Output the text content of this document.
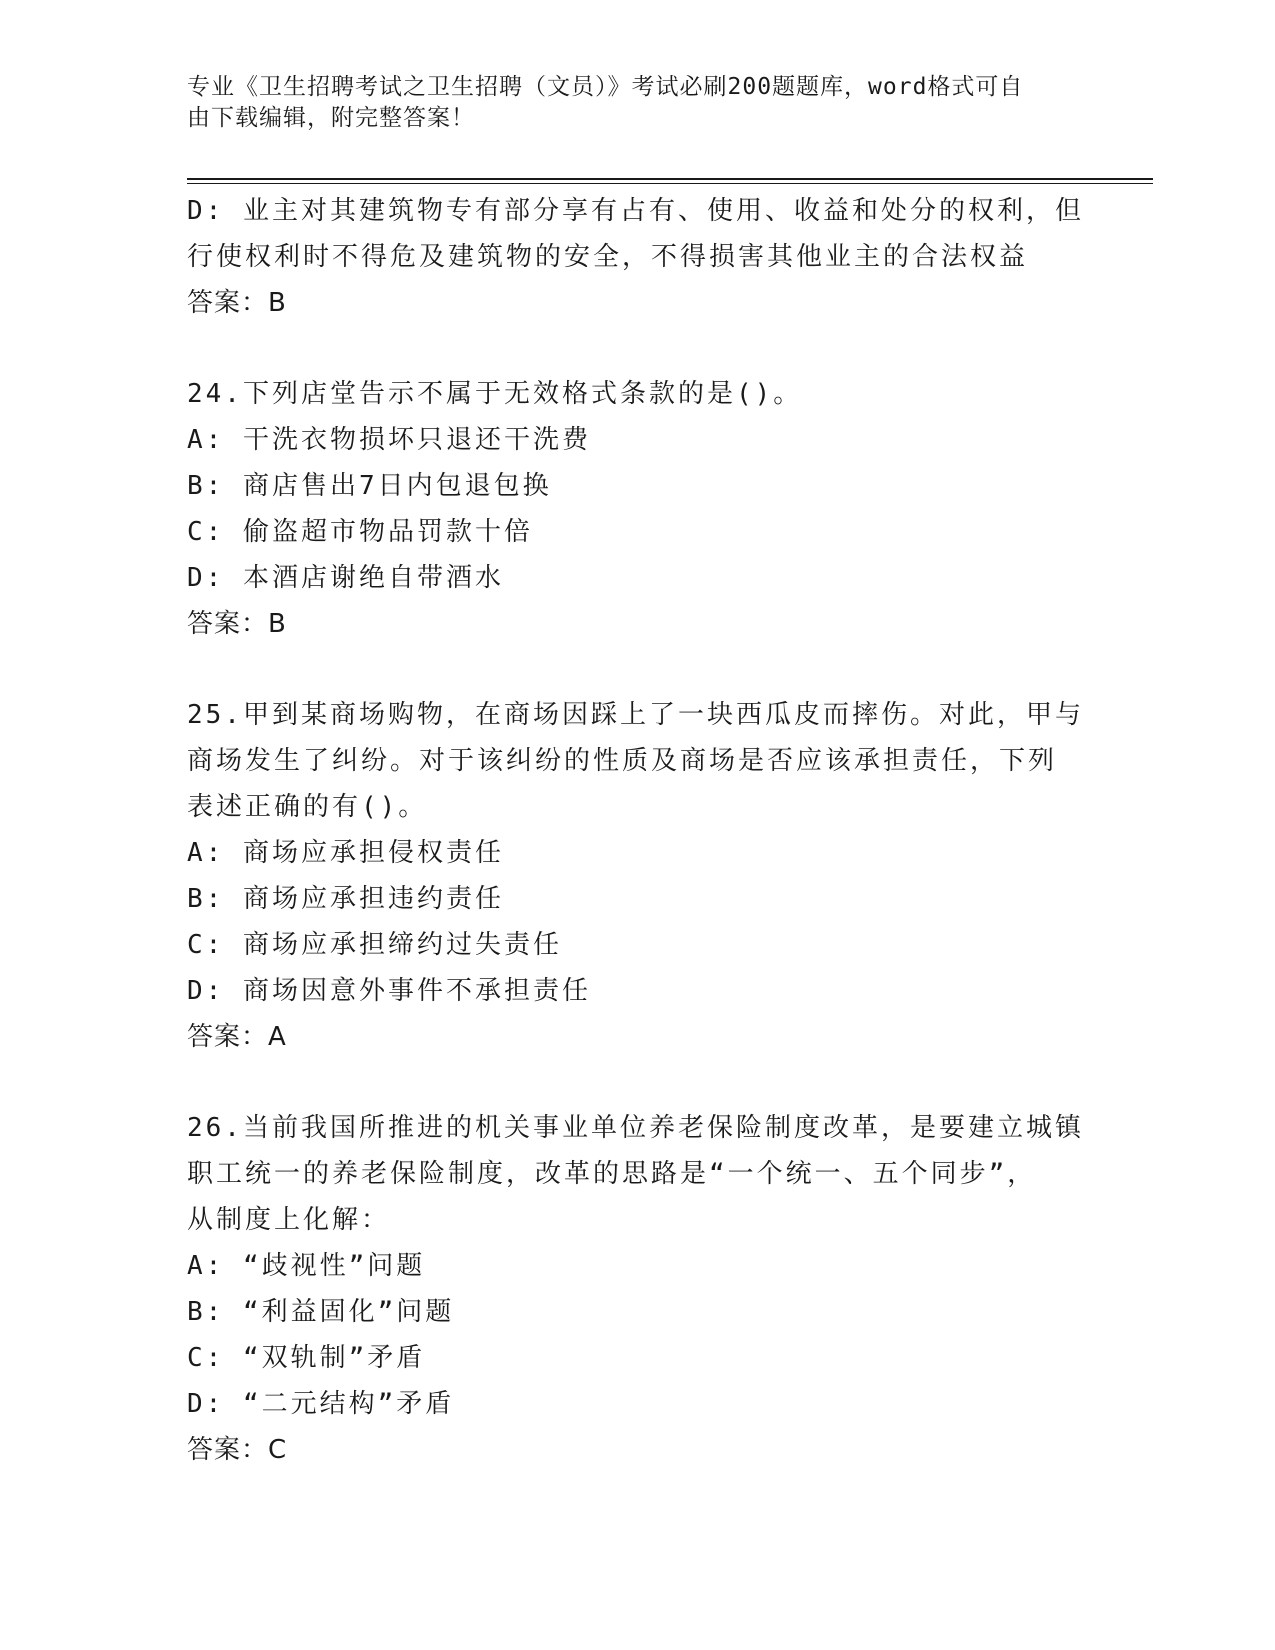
专业《卫生招聘考试之卫生招聘（文员）》考试必刷200题题库，word格式可自
由下载编辑，附完整答案！
D: 业主对其建筑物专有部分享有占有、使用、收益和处分的权利，但
行使权利时不得危及建筑物的安全，不得损害其他业主的合法权益
答案：B
24.下列店堂告示不属于无效格式条款的是()。
A: 干洗衣物损坏只退还干洗费
B: 商店售出7日内包退包换
C: 偷盗超市物品罚款十倍
D: 本酒店谢绝自带酒水
答案：B
25.甲到某商场购物，在商场因踩上了一块西瓜皮而摔伤。对此，甲与
商场发生了纠纷。对于该纠纷的性质及商场是否应该承担责任，下列
表述正确的有()。
A: 商场应承担侵权责任
B: 商场应承担违约责任
C: 商场应承担缔约过失责任
D: 商场因意外事件不承担责任
答案：A
26.当前我国所推进的机关事业单位养老保险制度改革，是要建立城镇
职工统一的养老保险制度，改革的思路是“一个统一、五个同步”，
从制度上化解：
A: “歧视性”问题
B: “利益固化”问题
C: “双轨制”矛盾
D: “二元结构”矛盾
答案：C
